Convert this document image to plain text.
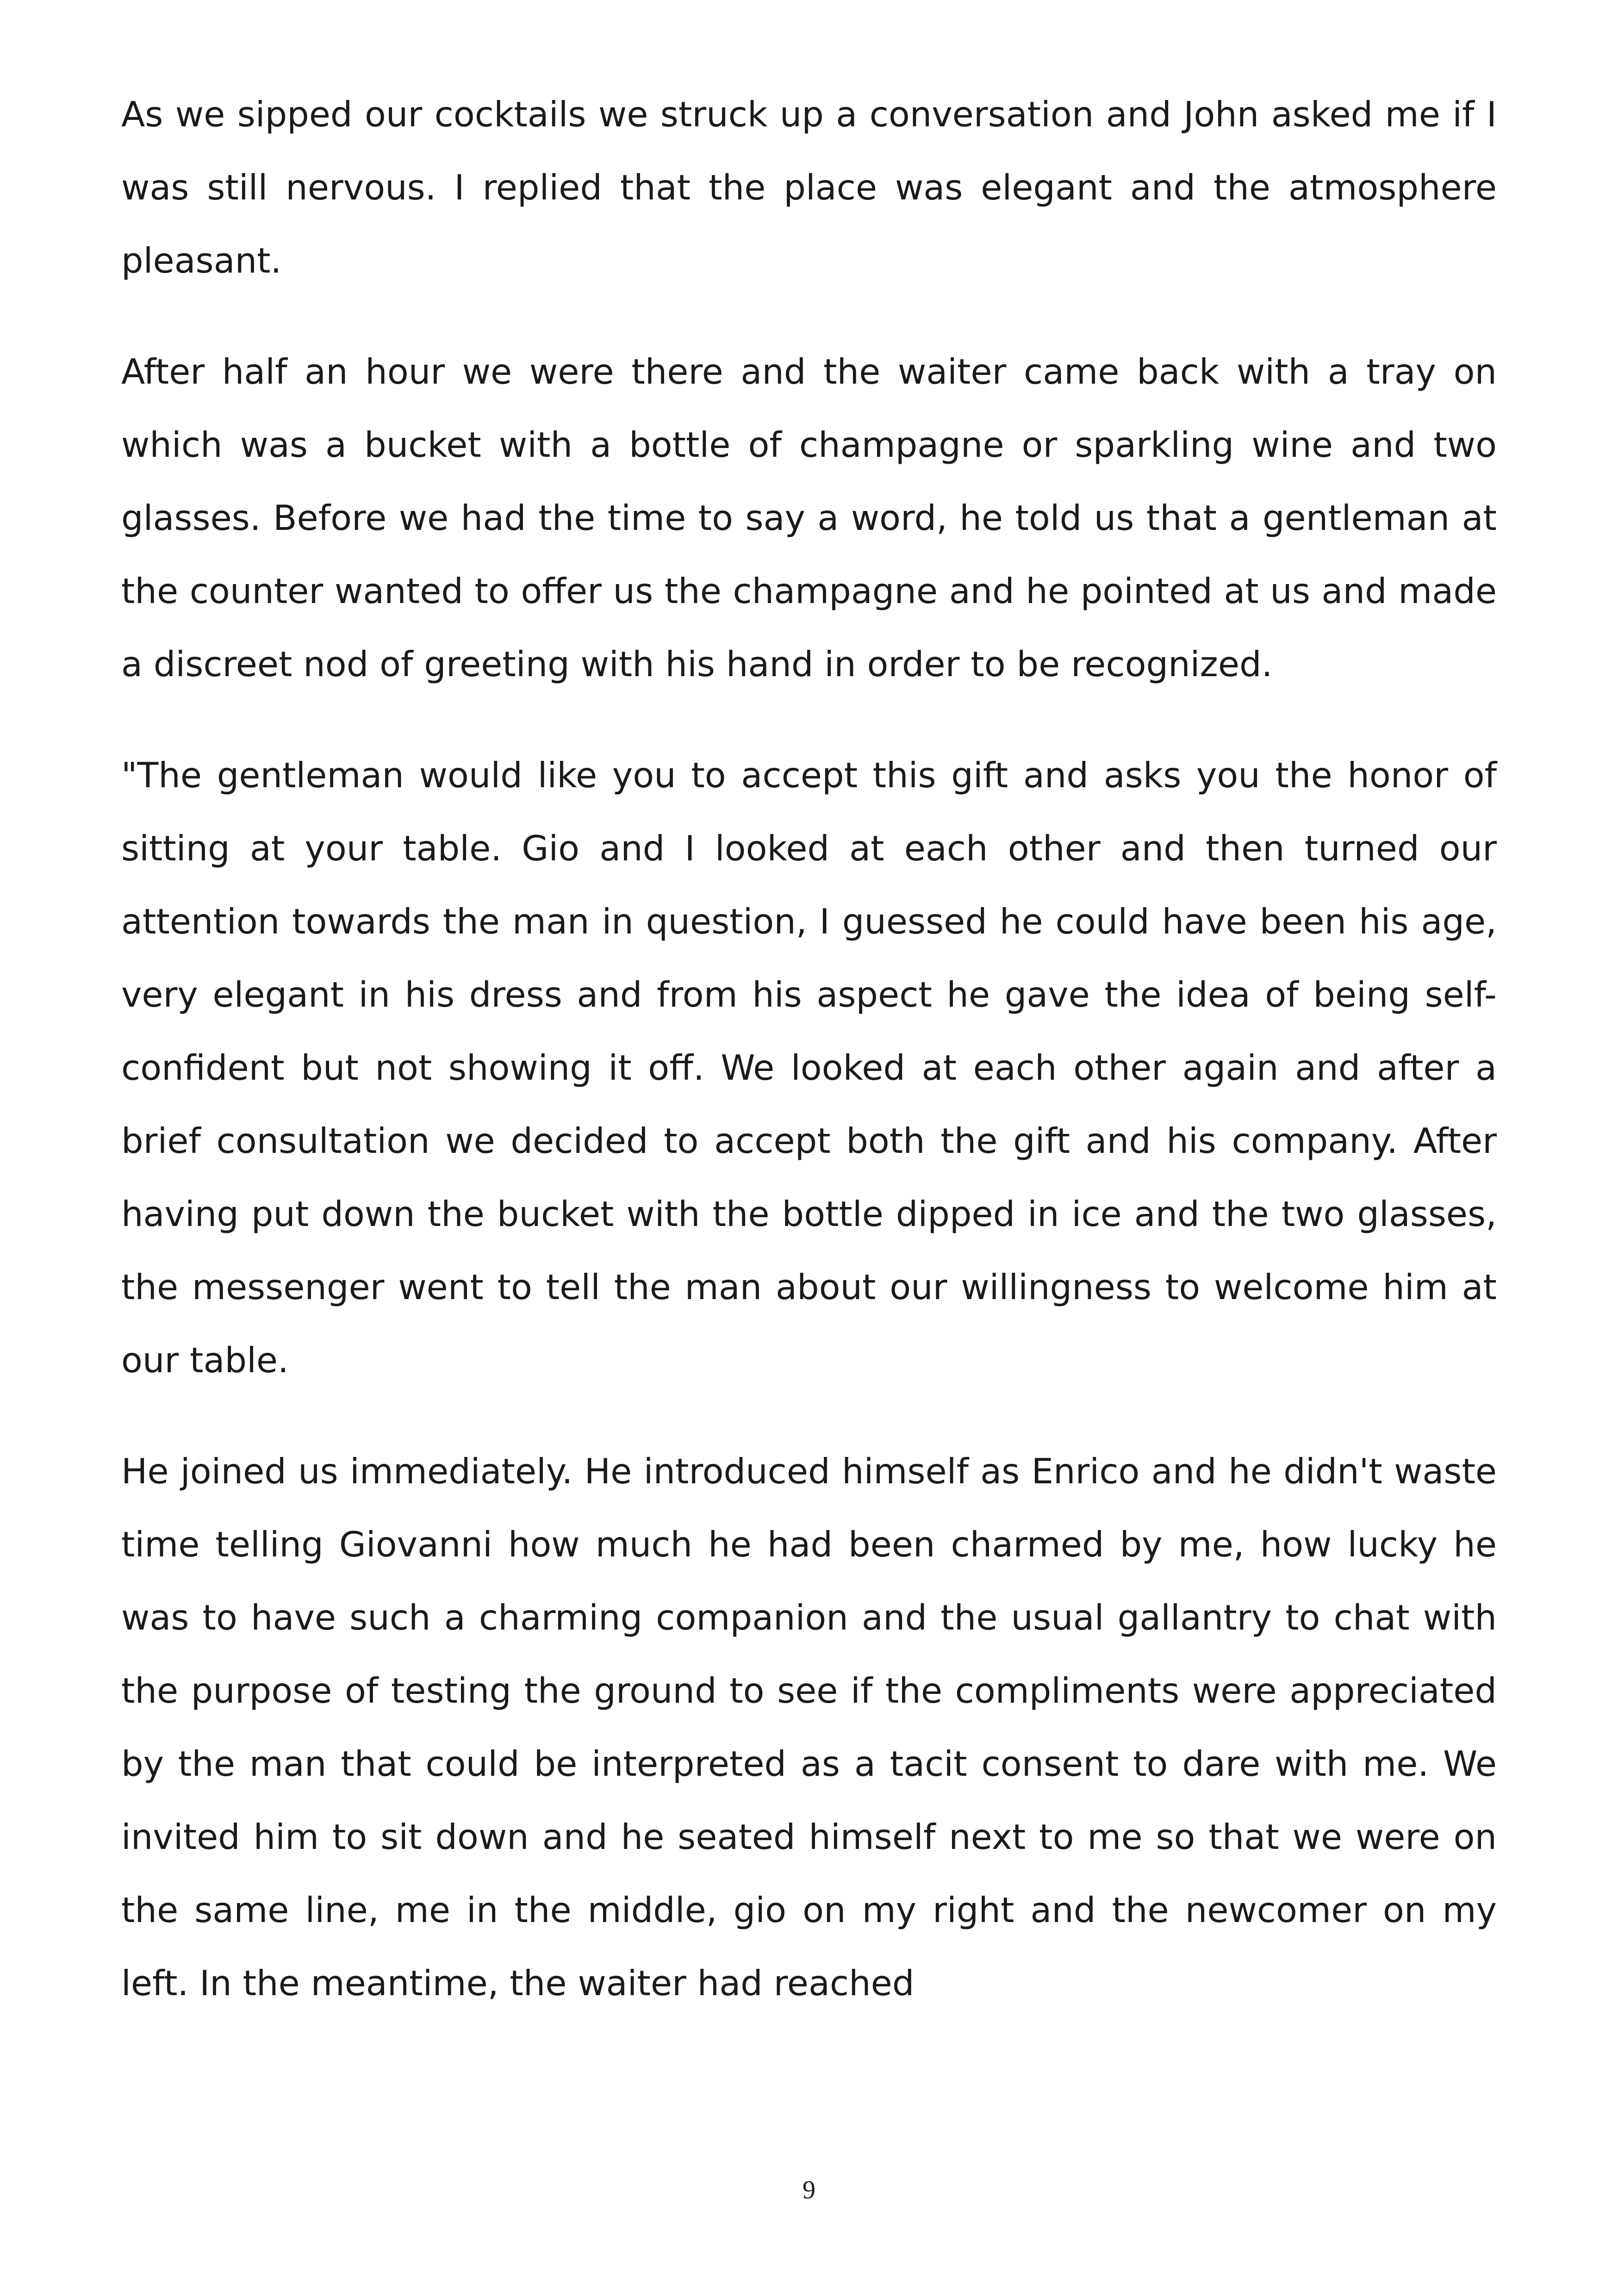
As we sipped our cocktails we struck up a conversation and John asked me if I was still nervous. I replied that the place was elegant and the atmosphere pleasant.

After half an hour we were there and the waiter came back with a tray on which was a bucket with a bottle of champagne or sparkling wine and two glasses. Before we had the time to say a word, he told us that a gentleman at the counter wanted to offer us the champagne and he pointed at us and made a discreet nod of greeting with his hand in order to be recognized.

"The gentleman would like you to accept this gift and asks you the honor of sitting at your table. Gio and I looked at each other and then turned our attention towards the man in question, I guessed he could have been his age, very elegant in his dress and from his aspect he gave the idea of being self-confident but not showing it off. We looked at each other again and after a brief consultation we decided to accept both the gift and his company. After having put down the bucket with the bottle dipped in ice and the two glasses, the messenger went to tell the man about our willingness to welcome him at our table.

He joined us immediately. He introduced himself as Enrico and he didn't waste time telling Giovanni how much he had been charmed by me, how lucky he was to have such a charming companion and the usual gallantry to chat with the purpose of testing the ground to see if the compliments were appreciated by the man that could be interpreted as a tacit consent to dare with me. We invited him to sit down and he seated himself next to me so that we were on the same line, me in the middle, gio on my right and the newcomer on my left. In the meantime, the waiter had reached

9
